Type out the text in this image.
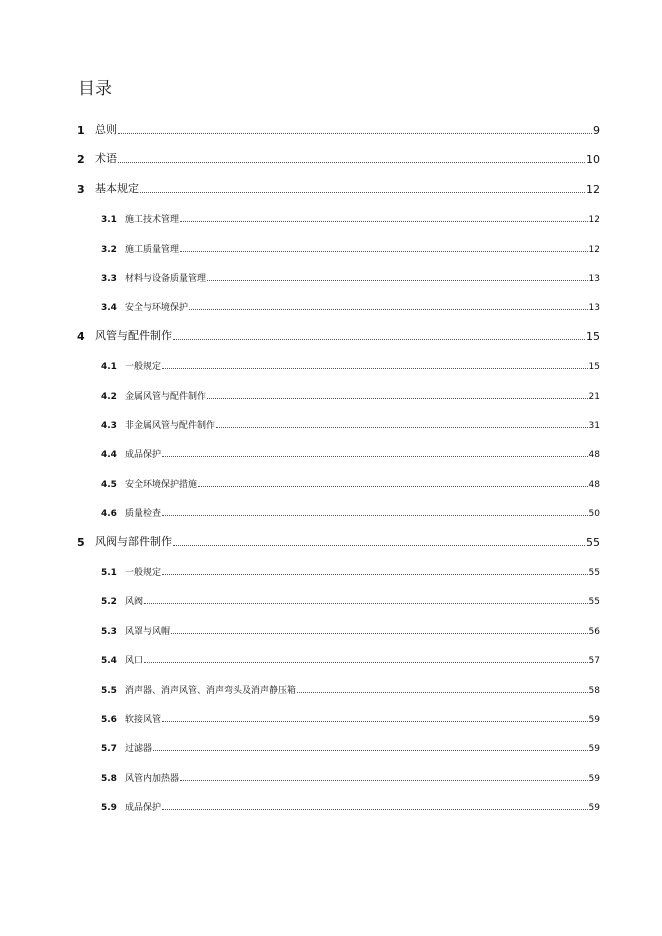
目录
1 总则	9
2 术语	10
3 基本规定	12
3.1 施工技术管理	12
3.2 施工质量管理	12
3.3 材料与设备质量管理	13
3.4 安全与环境保护	13
4 风管与配件制作	15
4.1 一般规定	15
4.2 金属风管与配件制作	21
4.3 非金属风管与配件制作	31
4.4 成品保护	48
4.5 安全环境保护措施	48
4.6 质量检查	50
5 风阀与部件制作	55
5.1 一般规定	55
5.2 风阀	55
5.3 风罩与风帽	56
5.4 风口	57
5.5 消声器、消声风管、消声弯头及消声静压箱	58
5.6 软接风管	59
5.7 过滤器	59
5.8 风管内加热器	59
5.9 成品保护	59
